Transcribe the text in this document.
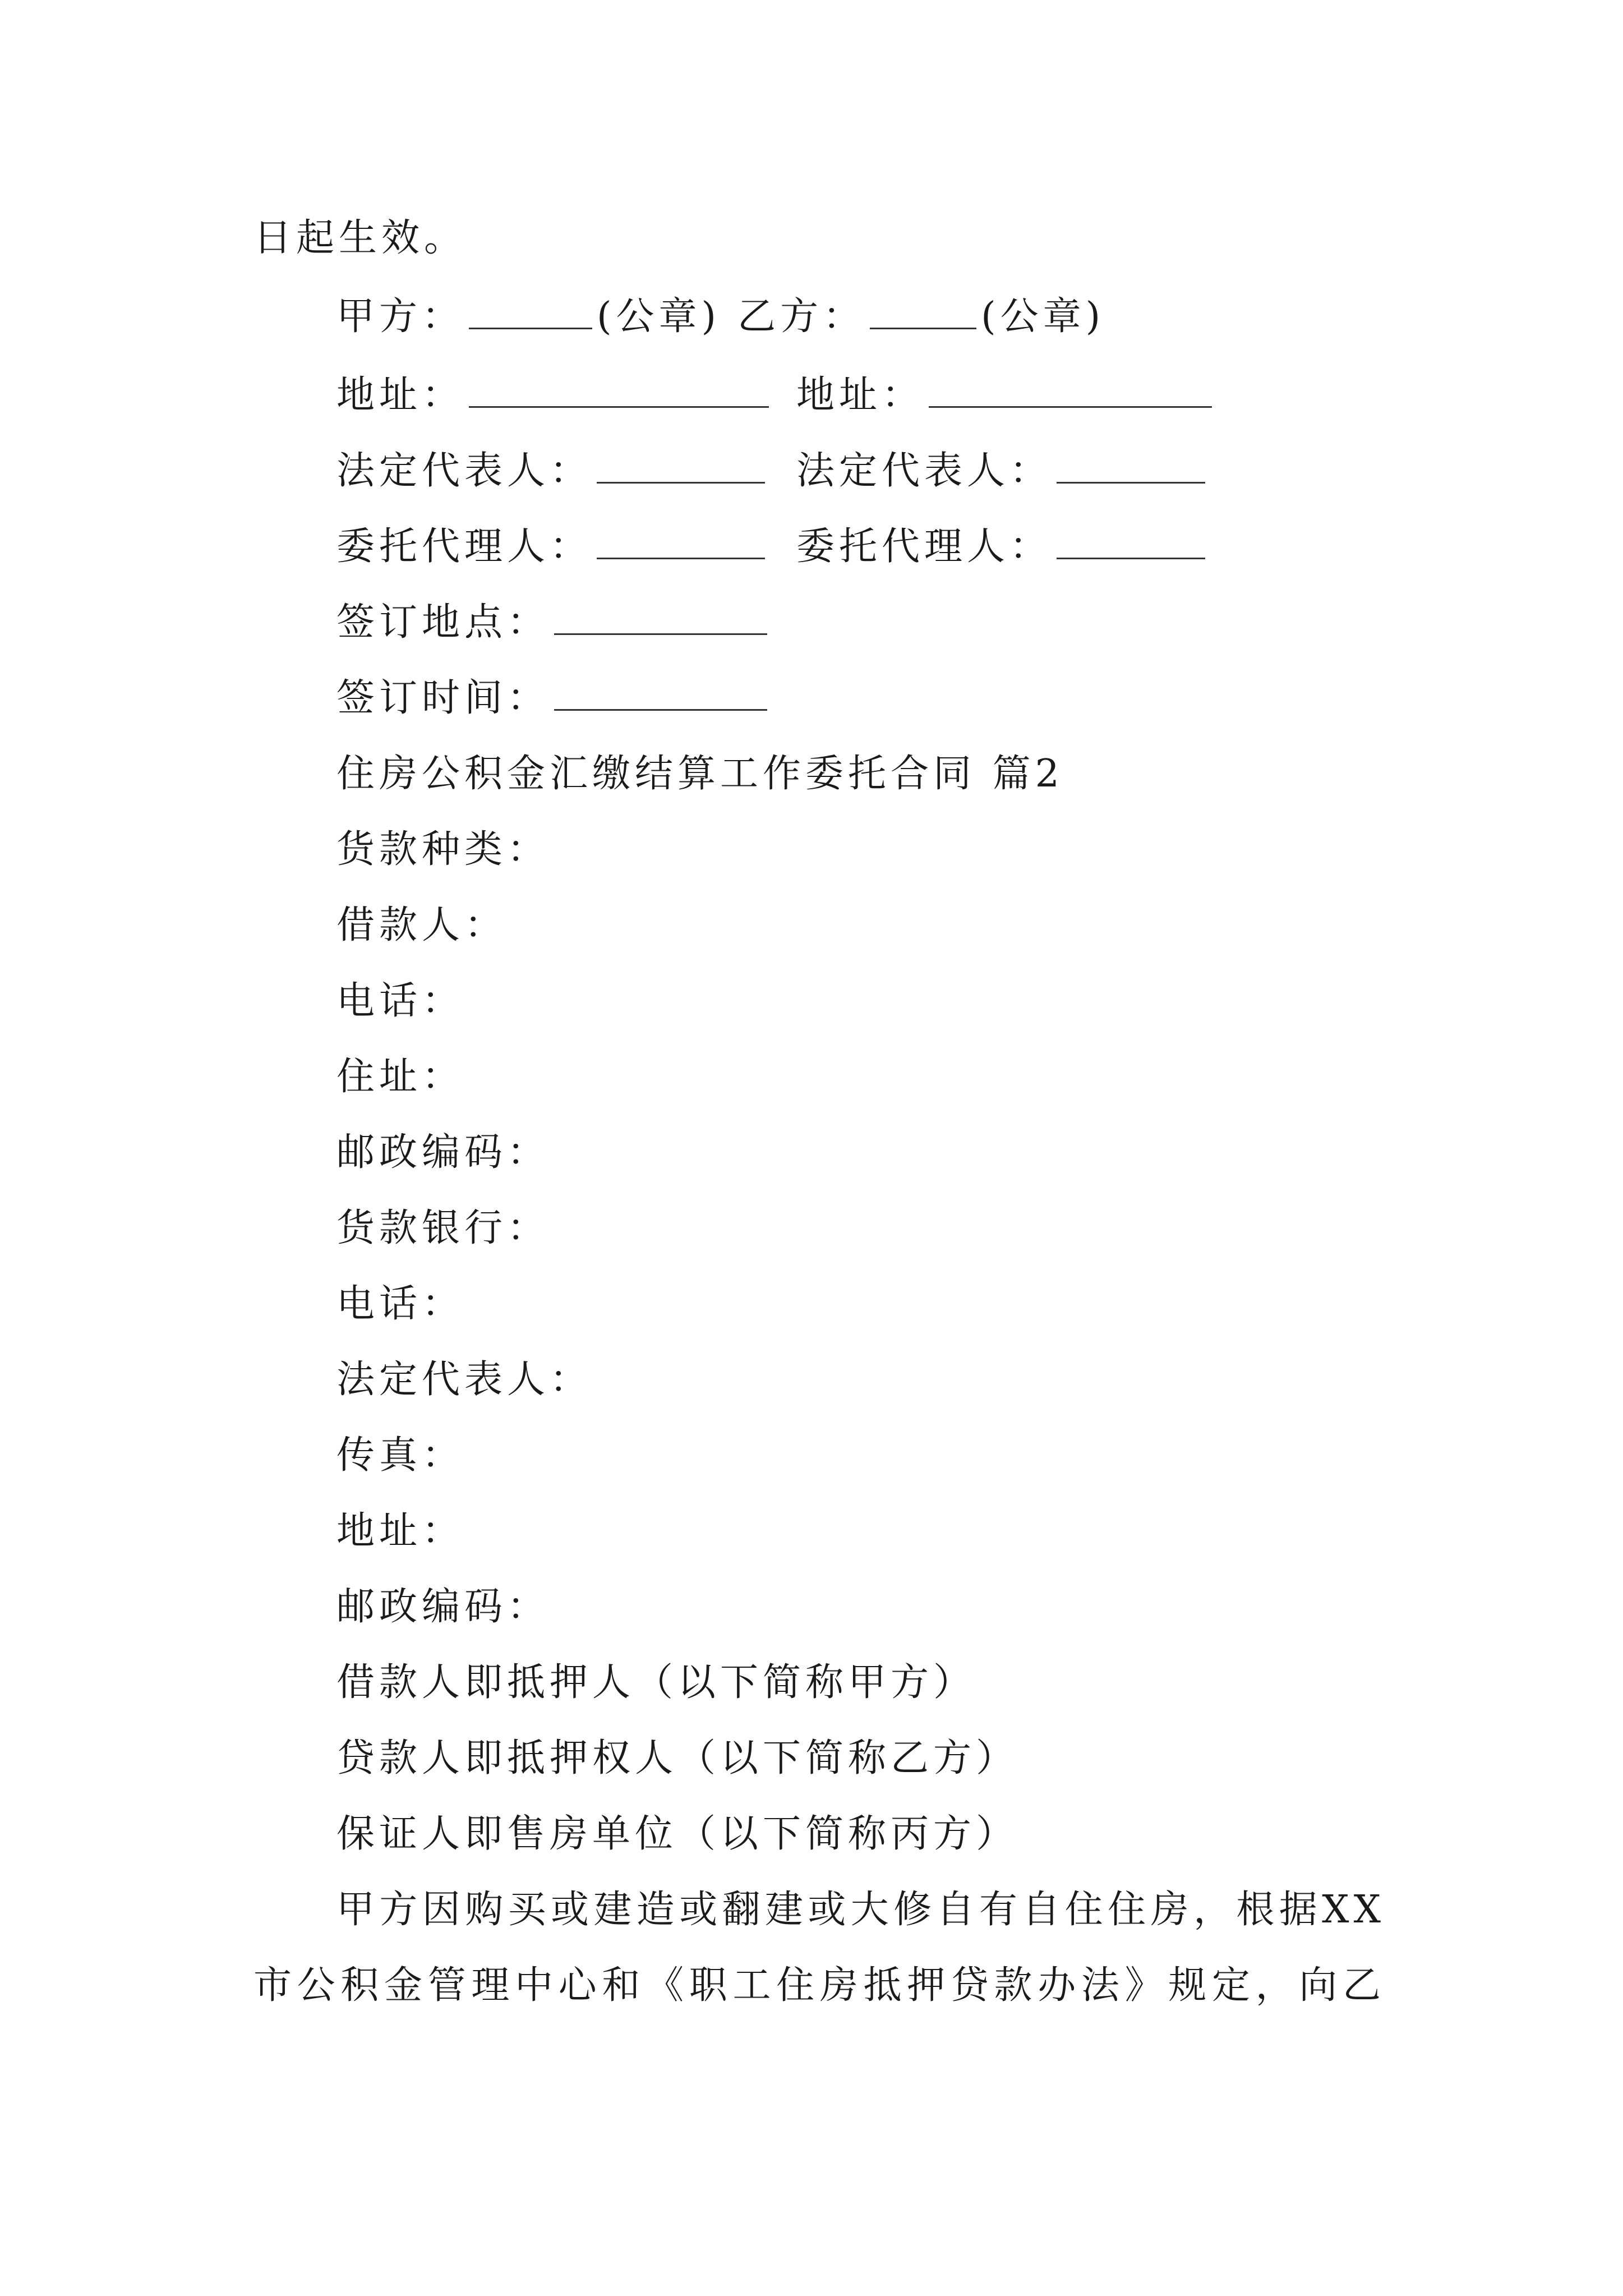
日起生效。
甲方：	(公章) 乙方：	(公章)
地址：	地址：
法定代表人：	法定代表人：
委托代理人：	委托代理人：
签订地点：
签订时间：
住房公积金汇缴结算工作委托合同 篇2
货款种类：
借款人：
电话：
住址：
邮政编码：
货款银行：
电话：
法定代表人：
传真：
地址：
邮政编码：
借款人即抵押人（以下简称甲方）
贷款人即抵押权人（以下简称乙方）
保证人即售房单位（以下简称丙方）
甲方因购买或建造或翻建或大修自有自住住房，根据XX
市公积金管理中心和《职工住房抵押贷款办法》规定，向乙
